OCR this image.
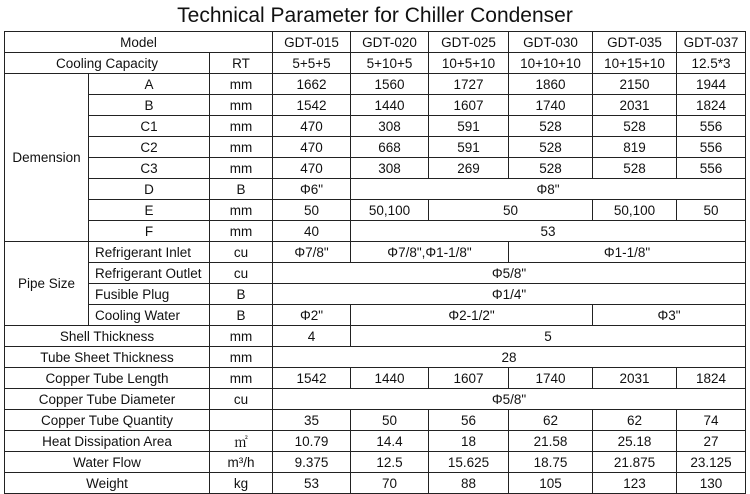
Technical Parameter for Chiller Condenser
Model			GDT-015	GDT-020	GDT-025	GDT-030	GDT-035	GDT-037
Cooling Capacity		RT	5+5+5	5+10+5	10+5+10	10+10+10	10+15+10	12.5*3
Demension	A	mm	1662	1560	1727	1860	2150	1944
	B	mm	1542	1440	1607	1740	2031	1824
	C1	mm	470	308	591	528	528	556
	C2	mm	470	668	591	528	819	556
	C3	mm	470	308	269	528	528	556
	D	B	Φ6"	Φ8"				
	E	mm	50	50,100	50		50,100	50
	F	mm	40	53				
Pipe Size	Refrigerant Inlet	cu	Φ7/8"	Φ7/8",Φ1-1/8"		Φ1-1/8"		
	Refrigerant Outlet	cu	Φ5/8"					
	Fusible Plug	B	Φ1/4"					
	Cooling Water	B	Φ2"	Φ2-1/2"			Φ3"	
Shell Thickness		mm	4	5				
Tube Sheet Thickness		mm	28					
Copper Tube Length		mm	1542	1440	1607	1740	2031	1824
Copper Tube Diameter		cu	Φ5/8"					
Copper Tube Quantity			35	50	56	62	62	74
Heat Dissipation Area		㎡	10.79	14.4	18	21.58	25.18	27
Water Flow		m³/h	9.375	12.5	15.625	18.75	21.875	23.125
Weight		kg	53	70	88	105	123	130
